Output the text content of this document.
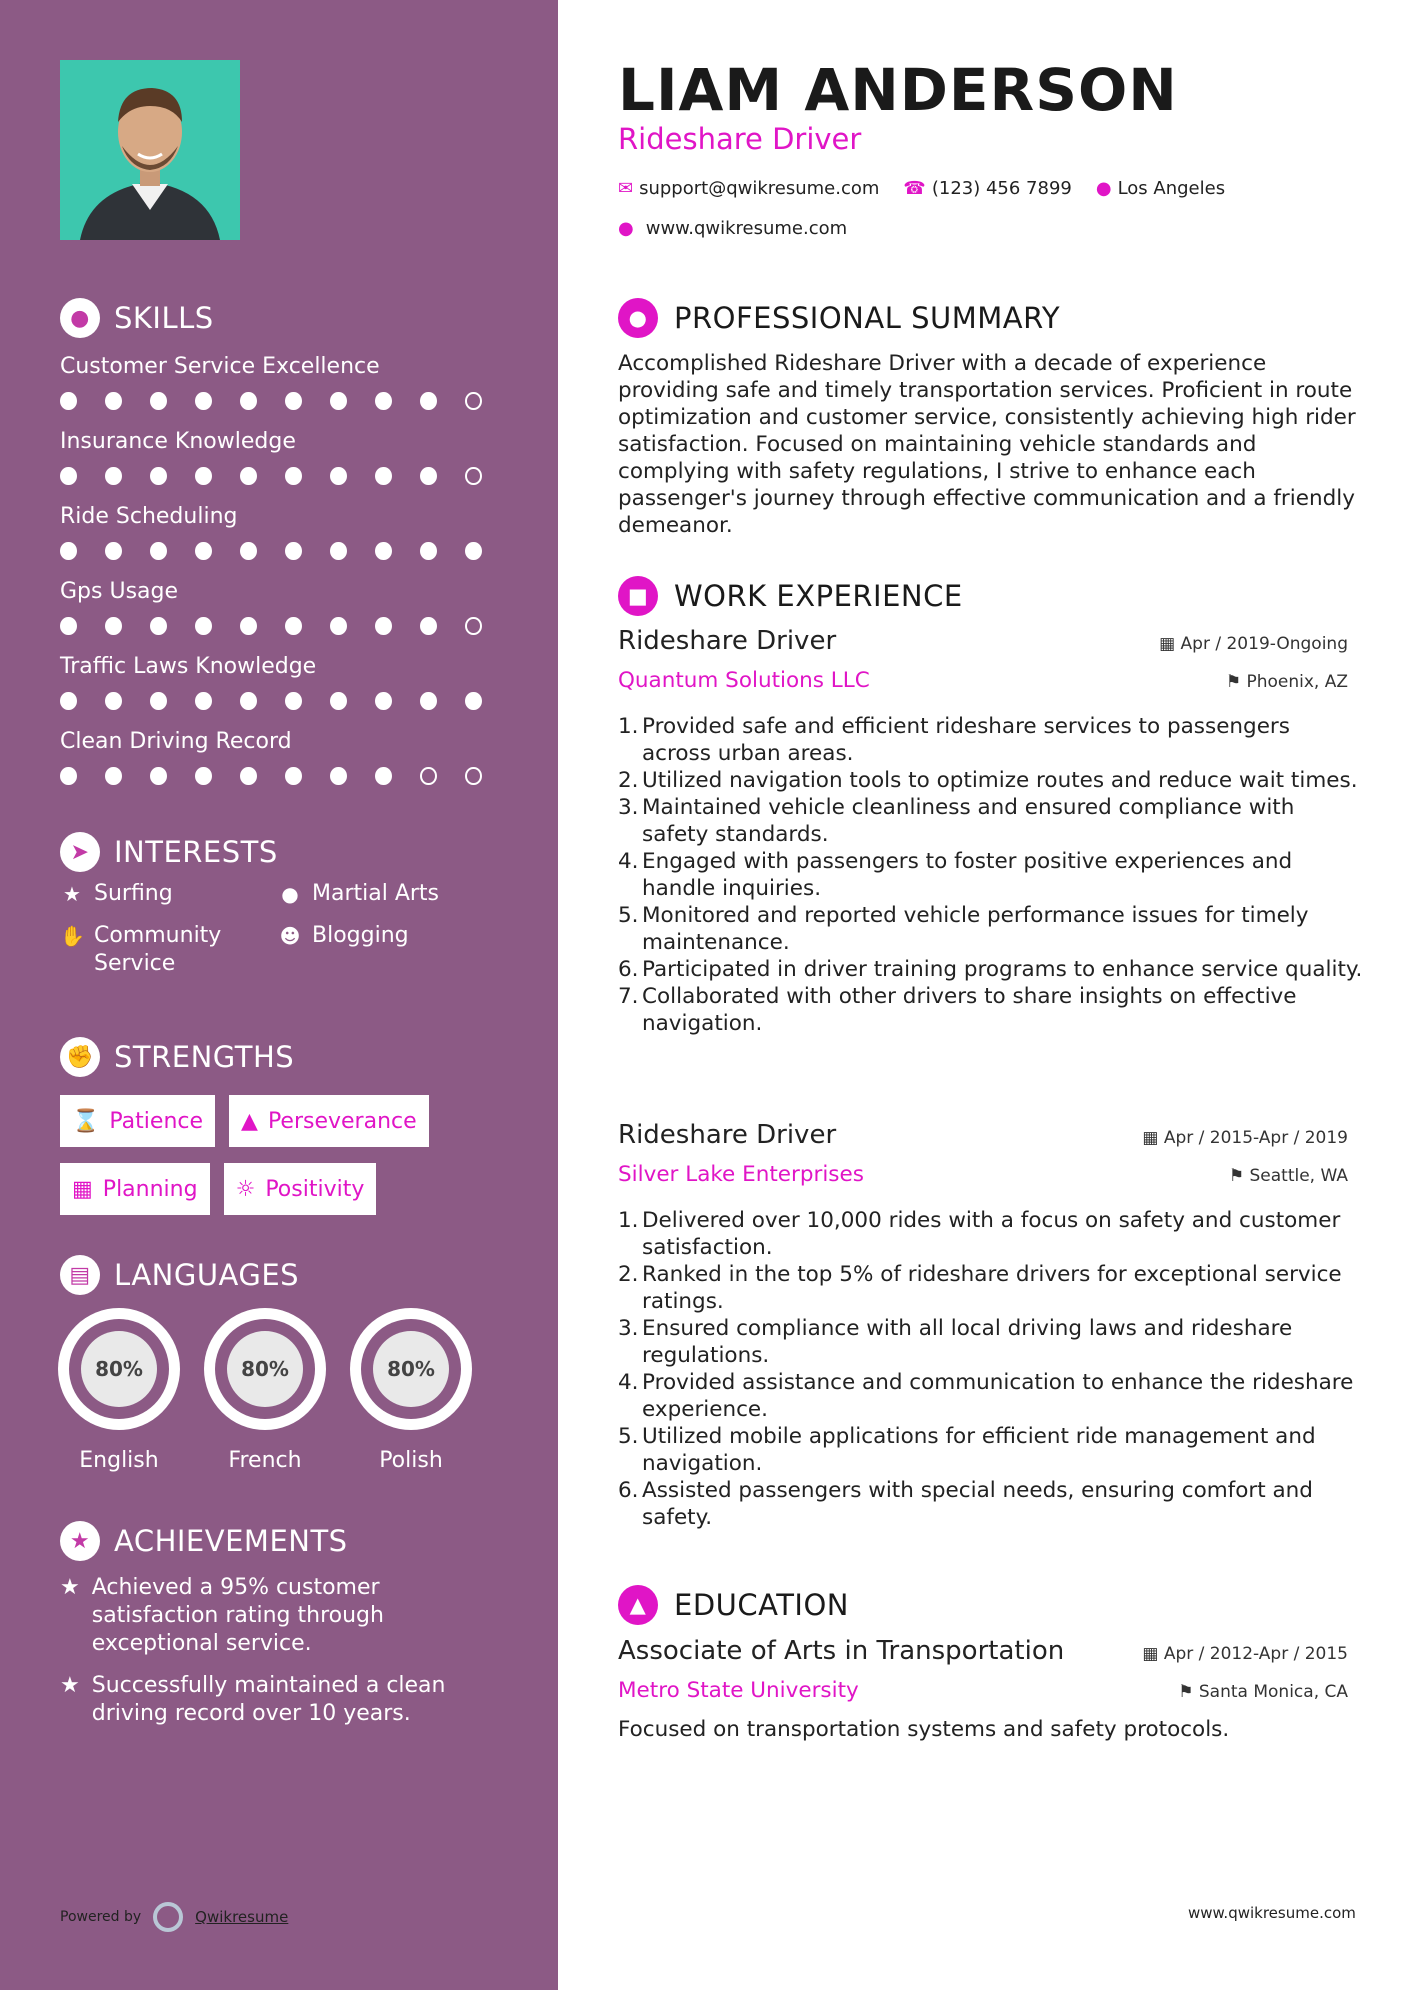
● SKILLS
Customer Service Excellence
Insurance Knowledge
Ride Scheduling
Gps Usage
Traffic Laws Knowledge
Clean Driving Record
➤ INTERESTS
★ Surfing	● Martial Arts
✋ Community Service
☻ Blogging
✊ STRENGTHS
⌛ Patience ▲ Perseverance
▦ Planning ☼ Positivity
▤ LANGUAGES
80%
English
80%
French
80%
Polish
★ ACHIEVEMENTS
★ Achieved a 95% customer satisfaction rating through exceptional service.
★ Successfully maintained a clean driving record over 10 years.
Powered by	Qwikresume
LIAM ANDERSON
Rideshare Driver
✉ support@qwikresume.com ☎ (123) 456 7899 ● Los Angeles
● www.qwikresume.com
● PROFESSIONAL SUMMARY
Accomplished Rideshare Driver with a decade of experience providing safe and timely transportation services. Proficient in route optimization and customer service, consistently achieving high rider satisfaction. Focused on maintaining vehicle standards and complying with safety regulations, I strive to enhance each passenger's journey through effective communication and a friendly demeanor.
■ WORK EXPERIENCE
Rideshare Driver	▦ Apr / 2019-Ongoing
Quantum Solutions LLC	⚑ Phoenix, AZ
1. Provided safe and efficient rideshare services to passengers across urban areas.
2. Utilized navigation tools to optimize routes and reduce wait times.
3. Maintained vehicle cleanliness and ensured compliance with safety standards.
4. Engaged with passengers to foster positive experiences and handle inquiries.
5. Monitored and reported vehicle performance issues for timely maintenance.
6. Participated in driver training programs to enhance service quality.
7. Collaborated with other drivers to share insights on effective navigation.
Rideshare Driver	▦ Apr / 2015-Apr / 2019
Silver Lake Enterprises	⚑ Seattle, WA
1. Delivered over 10,000 rides with a focus on safety and customer satisfaction.
2. Ranked in the top 5% of rideshare drivers for exceptional service ratings.
3. Ensured compliance with all local driving laws and rideshare regulations.
4. Provided assistance and communication to enhance the rideshare experience.
5. Utilized mobile applications for efficient ride management and navigation.
6. Assisted passengers with special needs, ensuring comfort and safety.
▲ EDUCATION
Associate of Arts in Transportation	▦ Apr / 2012-Apr / 2015
Metro State University	⚑ Santa Monica, CA
Focused on transportation systems and safety protocols.
www.qwikresume.com
